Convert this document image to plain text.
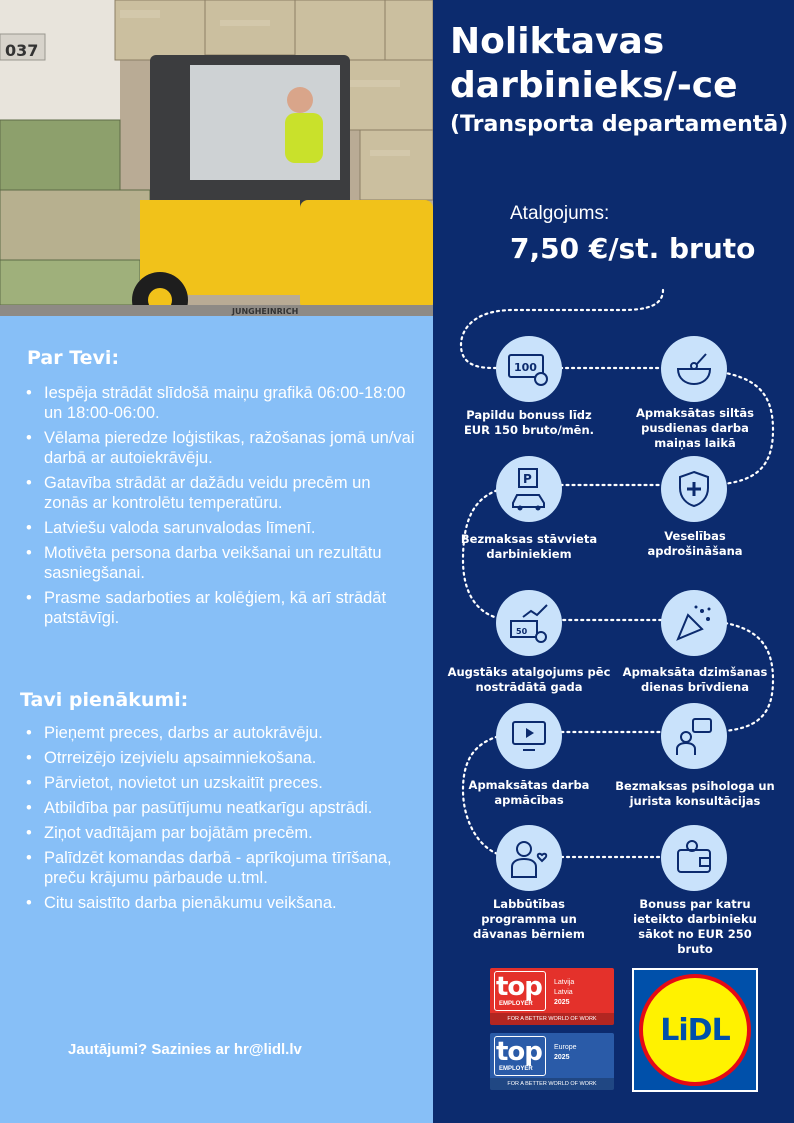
037
JUNGHEINRICH
Par Tevi:
• Iespēja strādāt slīdošā maiņu grafikā 06:00-18:00 un 18:00-06:00.
• Vēlama pieredze loģistikas, ražošanas jomā un/vai darbā ar autoiekrāvēju.
• Gatavība strādāt ar dažādu veidu precēm un zonās ar kontrolētu temperatūru.
• Latviešu valoda sarunvalodas līmenī.
• Motivēta persona darba veikšanai un rezultātu sasniegšanai.
• Prasme sadarboties ar kolēģiem, kā arī strādāt patstāvīgi.
Tavi pienākumi:
• Pieņemt preces, darbs ar autokrāvēju.
• Otrreizējo izejvielu apsaimniekošana.
• Pārvietot, novietot un uzskaitīt preces.
• Atbildība par pasūtījumu neatkarīgu apstrādi.
• Ziņot vadītājam par bojātām precēm.
• Palīdzēt komandas darbā - aprīkojuma tīrīšana, preču krājumu pārbaude u.tml.
• Citu saistīto darba pienākumu veikšana.
Jautājumi? Sazinies ar hr@lidl.lv
Noliktavas
darbinieks/-ce
(Transporta departamentā)
Atalgojums:
7,50 €/st. bruto
100
P
50
Papildu bonuss līdz EUR 150 bruto/mēn.
Apmaksātas siltās pusdienas darba maiņas laikā
Bezmaksas stāvvieta darbiniekiem
Veselības apdrošināšana
Augstāks atalgojums pēc nostrādātā gada
Apmaksāta dzimšanas dienas brīvdiena
Apmaksātas darba apmācības
Bezmaksas psihologa un jurista konsultācijas
Labbūtības programma un dāvanas bērniem
Bonuss par katru ieteikto darbinieku sākot no EUR 250 bruto
top
EMPLOYER
Latvija
Latvia
2025
FOR A BETTER WORLD OF WORK
top
EMPLOYER
Europe
2025
FOR A BETTER WORLD OF WORK
LiDL
